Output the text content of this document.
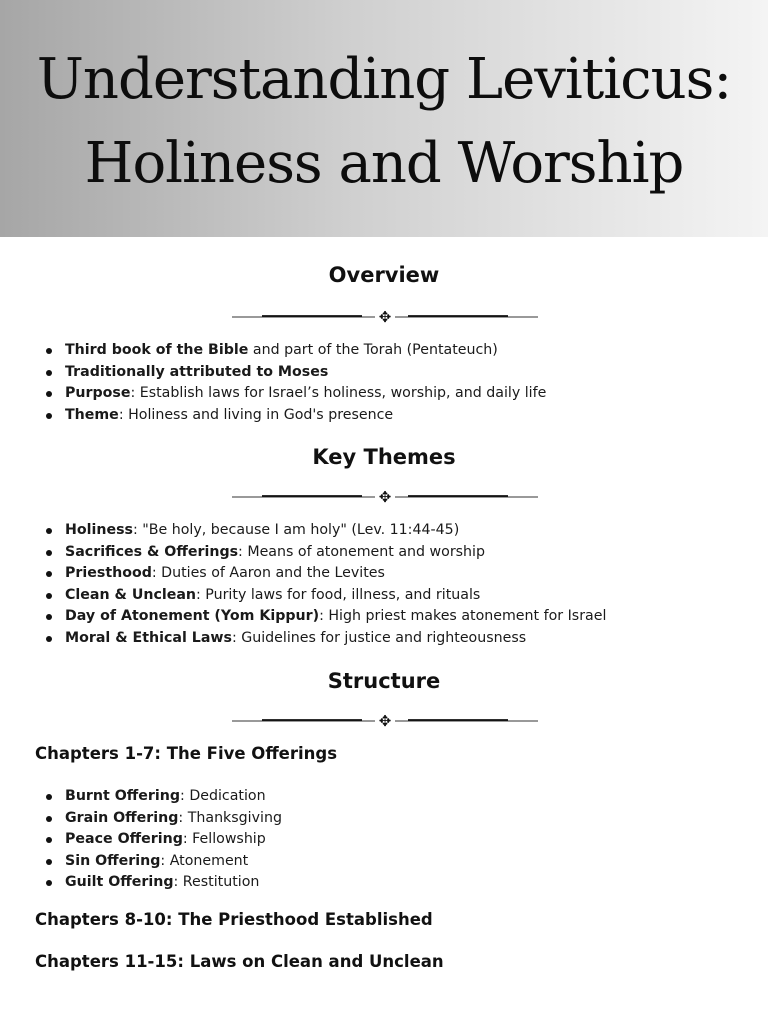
Understanding Leviticus:
Holiness and Worship
Overview
✥
Third book of the Bible and part of the Torah (Pentateuch)
Traditionally attributed to Moses
Purpose: Establish laws for Israel’s holiness, worship, and daily life
Theme: Holiness and living in God's presence
Key Themes
✥
Holiness: "Be holy, because I am holy" (Lev. 11:44-45)
Sacrifices & Offerings: Means of atonement and worship
Priesthood: Duties of Aaron and the Levites
Clean & Unclean: Purity laws for food, illness, and rituals
Day of Atonement (Yom Kippur): High priest makes atonement for Israel
Moral & Ethical Laws: Guidelines for justice and righteousness
Structure
✥
Chapters 1-7: The Five Offerings
Burnt Offering: Dedication
Grain Offering: Thanksgiving
Peace Offering: Fellowship
Sin Offering: Atonement
Guilt Offering: Restitution
Chapters 8-10: The Priesthood Established
Chapters 11-15: Laws on Clean and Unclean
